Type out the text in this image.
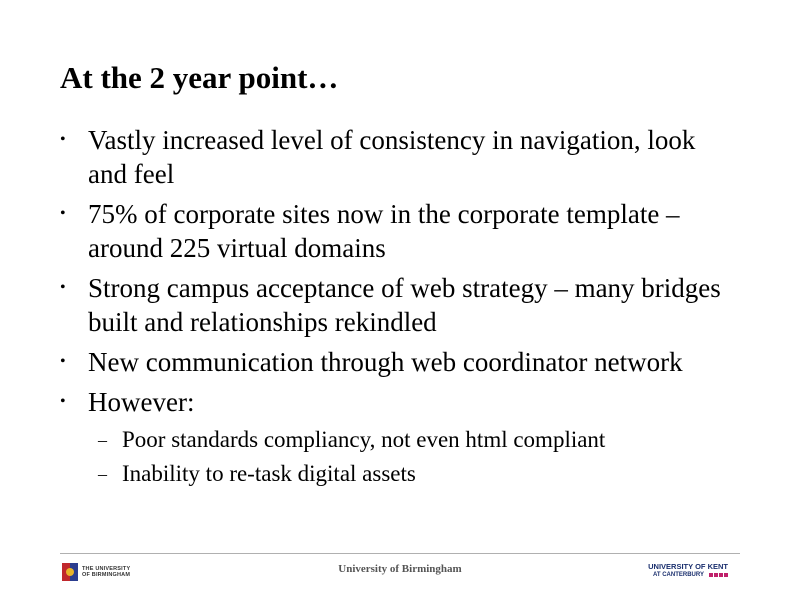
At the 2 year point…
• Vastly increased level of consistency in navigation, look and feel
• 75% of corporate sites now in the corporate template – around 225 virtual domains
• Strong campus acceptance of web strategy – many bridges built and relationships rekindled
• New communication through web coordinator network
• However:
– Poor standards compliancy, not even html compliant
– Inability to re-task digital assets
THE UNIVERSITY
OF BIRMINGHAM	University of Birmingham	UNIVERSITY OF KENT
AT CANTERBURY
